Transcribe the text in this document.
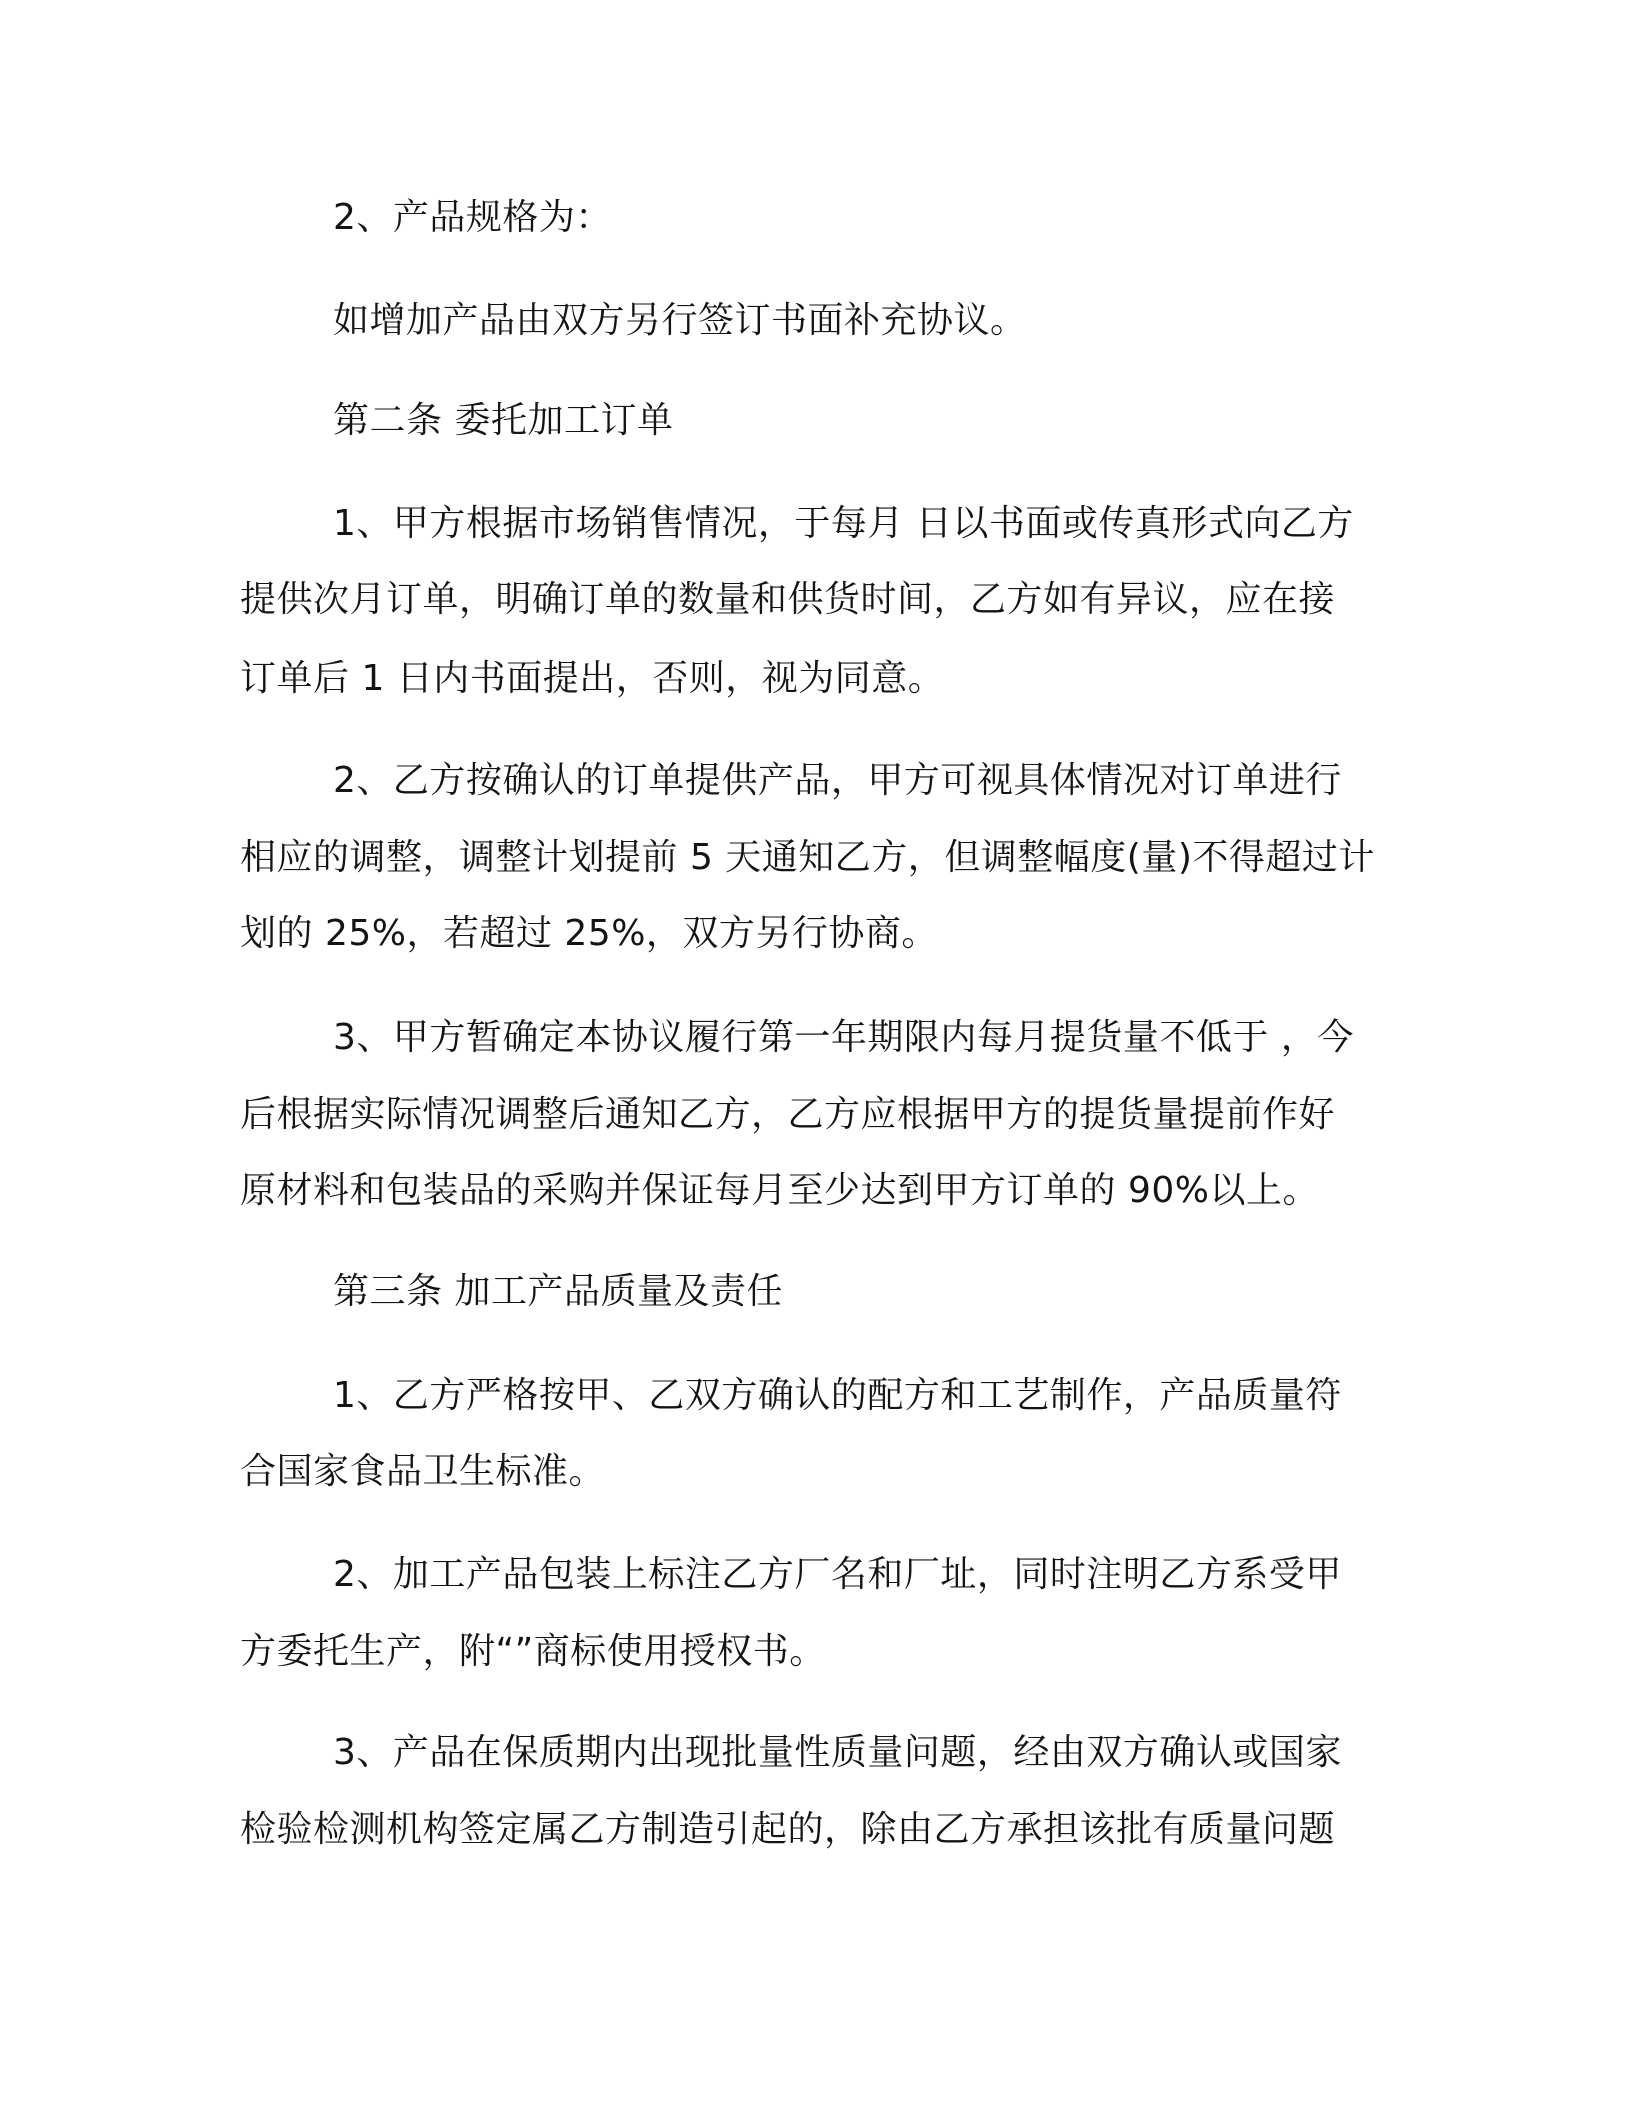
2、产品规格为：
如增加产品由双方另行签订书面补充协议。
第二条 委托加工订单
1、甲方根据市场销售情况，于每月 日以书面或传真形式向乙方
提供次月订单，明确订单的数量和供货时间，乙方如有异议，应在接
订单后 1 日内书面提出，否则，视为同意。
2、乙方按确认的订单提供产品，甲方可视具体情况对订单进行
相应的调整，调整计划提前 5 天通知乙方，但调整幅度(量)不得超过计
划的 25%，若超过 25%，双方另行协商。
3、甲方暂确定本协议履行第一年期限内每月提货量不低于 ，今
后根据实际情况调整后通知乙方，乙方应根据甲方的提货量提前作好
原材料和包装品的采购并保证每月至少达到甲方订单的 90%以上。
第三条 加工产品质量及责任
1、乙方严格按甲、乙双方确认的配方和工艺制作，产品质量符
合国家食品卫生标准。
2、加工产品包装上标注乙方厂名和厂址，同时注明乙方系受甲
方委托生产，附“”商标使用授权书。
3、产品在保质期内出现批量性质量问题，经由双方确认或国家
检验检测机构签定属乙方制造引起的，除由乙方承担该批有质量问题
